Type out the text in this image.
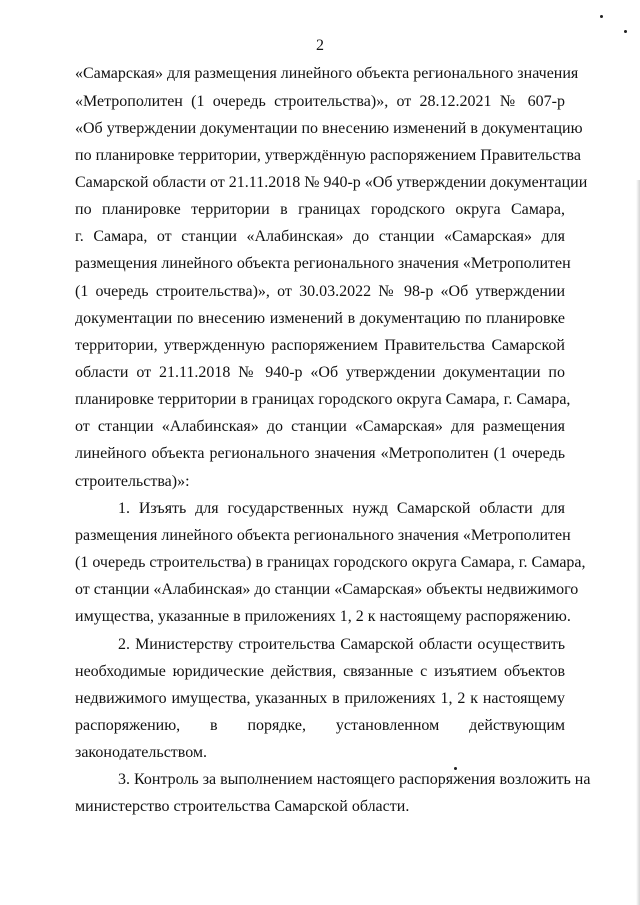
2
«Самарская» для размещения линейного объекта регионального значения
«Метрополитен (1 очередь строительства)», от 28.12.2021 № 607-р
«Об утверждении документации по внесению изменений в документацию
по планировке территории, утверждённую распоряжением Правительства
Самарской области от 21.11.2018 № 940-р «Об утверждении документации
по планировке территории в границах городского округа Самара,
г. Самара, от станции «Алабинская» до станции «Самарская» для
размещения линейного объекта регионального значения «Метрополитен
(1 очередь строительства)», от 30.03.2022 № 98-р «Об утверждении
документации по внесению изменений в документацию по планировке
территории, утвержденную распоряжением Правительства Самарской
области от 21.11.2018 № 940-р «Об утверждении документации по
планировке территории в границах городского округа Самара, г. Самара,
от станции «Алабинская» до станции «Самарская» для размещения
линейного объекта регионального значения «Метрополитен (1 очередь
строительства)»:
1. Изъять для государственных нужд Самарской области для
размещения линейного объекта регионального значения «Метрополитен
(1 очередь строительства) в границах городского округа Самара, г. Самара,
от станции «Алабинская» до станции «Самарская» объекты недвижимого
имущества, указанные в приложениях 1, 2 к настоящему распоряжению.
2. Министерству строительства Самарской области осуществить
необходимые юридические действия, связанные с изъятием объектов
недвижимого имущества, указанных в приложениях 1, 2 к настоящему
распоряжению, в порядке, установленном действующим
законодательством.
3. Контроль за выполнением настоящего распоряжения возложить на
министерство строительства Самарской области.
